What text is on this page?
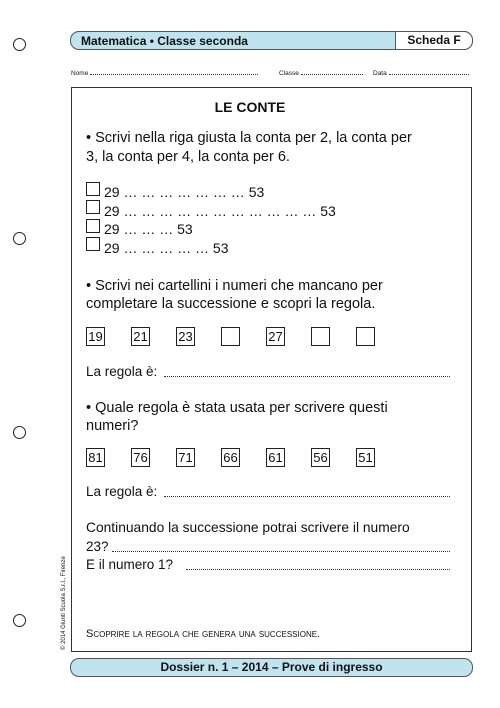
Matematica • Classe seconda	Scheda F
Nome	Classe	Data
LE CONTE
• Scrivi nella riga giusta la conta per 2, la conta per
3, la conta per 4, la conta per 6.
29 … … … … … … … 53
29 … … … … … … … … … … … 53
29 … … … 53
29 … … … … … 53
• Scrivi nei cartellini i numeri che mancano per
completare la successione e scopri la regola.
19 21 23	27
La regola è:
• Quale regola è stata usata per scrivere questi
numeri?
81 76 71 66 61 56 51
La regola è:
Continuando la successione potrai scrivere il numero
23?
E il numero 1?
Scoprire la regola che genera una successione.
© 2014 Giunti Scuola S.r.l., Firenze
Dossier n. 1 – 2014 – Prove di ingresso
